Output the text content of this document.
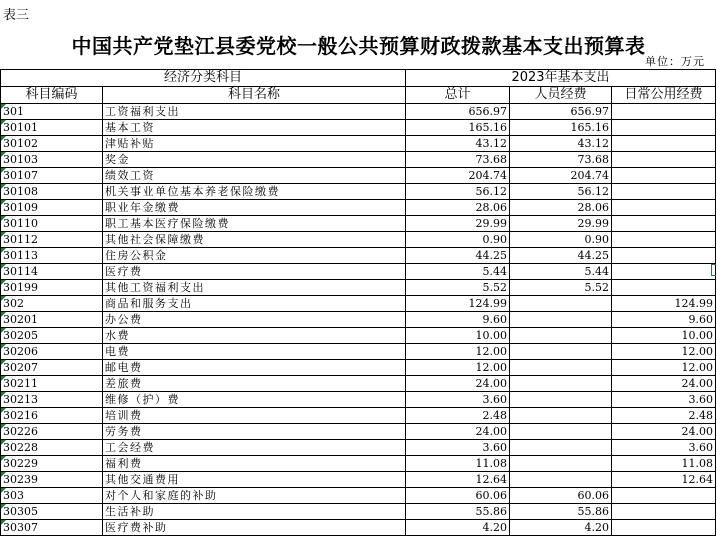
表三
中国共产党垫江县委党校一般公共预算财政拨款基本支出预算表
单位：万元
经济分类科目		2023年基本支出		
科目编码	科目名称	总计	人员经费	日常公用经费
301	工资福利支出	656.97	656.97	
30101	基本工资	165.16	165.16	
30102	津贴补贴	43.12	43.12	
30103	奖金	73.68	73.68	
30107	绩效工资	204.74	204.74	
30108	机关事业单位基本养老保险缴费	56.12	56.12	
30109	职业年金缴费	28.06	28.06	
30110	职工基本医疗保险缴费	29.99	29.99	
30112	其他社会保障缴费	0.90	0.90	
30113	住房公积金	44.25	44.25	
30114	医疗费	5.44	5.44	
30199	其他工资福利支出	5.52	5.52	
302	商品和服务支出	124.99		124.99
30201	办公费	9.60		9.60
30205	水费	10.00		10.00
30206	电费	12.00		12.00
30207	邮电费	12.00		12.00
30211	差旅费	24.00		24.00
30213	维修（护）费	3.60		3.60
30216	培训费	2.48		2.48
30226	劳务费	24.00		24.00
30228	工会经费	3.60		3.60
30229	福利费	11.08		11.08
30239	其他交通费用	12.64		12.64
303	对个人和家庭的补助	60.06	60.06	
30305	生活补助	55.86	55.86	
30307	医疗费补助	4.20	4.20	
